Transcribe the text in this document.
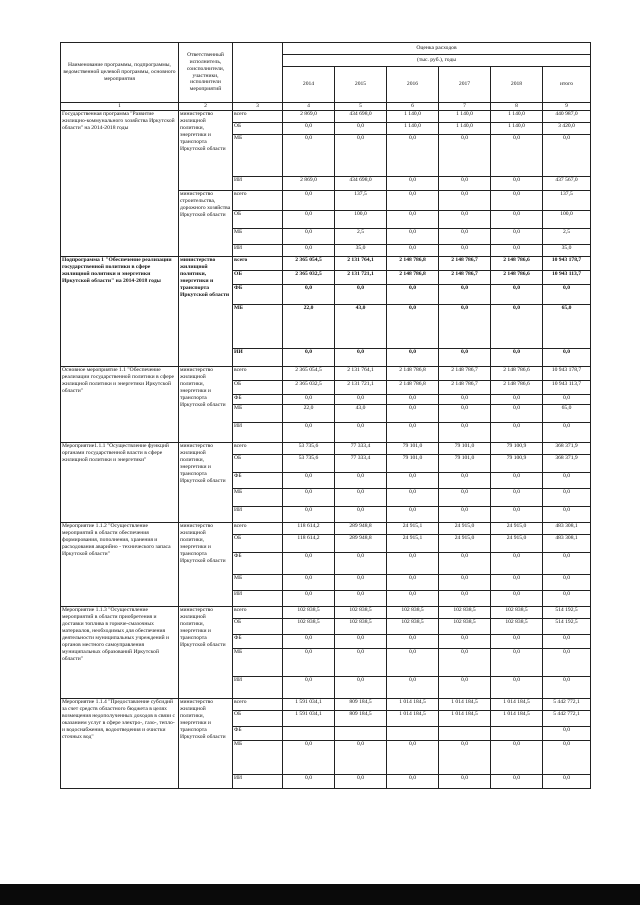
Наименование программы, подпрограммы, ведомственной целевой программы, основного мероприятия	Ответственный исполнитель, соисполнители, участники, исполнители мероприятий		Оценка расходов					
			(тыс. руб.), годы					
			2014	2015	2016	2017	2018	итого
1	2	3	4	5	6	7	8	9
Государственная программа "Развитие жилищно-коммунального хозяйства Иркутской области" на 2014-2018 годы	министерство жилищной политики, энергетики и транспорта Иркутской области	всего	2 869,0	434 698,0	1 140,0	1 140,0	1 140,0	440 987,0
		ОБ	0,0	0,0	1 140,0	1 140,0	1 140,0	3 420,0
		МБ	0,0	0,0	0,0	0,0	0,0	0,0
		ИИ	2 869,0	434 698,0	0,0	0,0	0,0	437 567,0
	министерство строительства, дорожного хозяйства Иркутской области	всего	0,0	137,5	0,0	0,0	0,0	137,5
		ОБ	0,0	100,0	0,0	0,0	0,0	100,0
		МБ	0,0	2,5	0,0	0,0	0,0	2,5
		ИИ	0,0	35,0	0,0	0,0	0,0	35,0
Подпрограмма 1 "Обеспечение реализации государственной политики в сфере жилищной политики и энергетики Иркутской области" на 2014-2018 годы	министерство жилищной политики, энергетики и транспорта Иркутской области	всего	2 365 054,5	2 131 764,1	2 148 786,8	2 148 786,7	2 148 786,6	10 943 178,7
		ОБ	2 365 032,5	2 131 721,1	2 148 786,8	2 148 786,7	2 148 786,6	10 943 113,7
		ФБ	0,0	0,0	0,0	0,0	0,0	0,0
		МБ	22,0	43,0	0,0	0,0	0,0	65,0
		ИИ	0,0	0,0	0,0	0,0	0,0	0,0
Основное мероприятие 1.1 "Обеспечение реализации государственной политики в сфере жилищной политики и энергетики Иркутской области"	министерство жилищной политики, энергетики и транспорта Иркутской области	всего	2 365 054,5	2 131 764,1	2 148 786,8	2 148 786,7	2 148 786,6	10 943 178,7
		ОБ	2 365 032,5	2 131 721,1	2 148 786,8	2 148 786,7	2 148 786,6	10 943 113,7
		ФБ	0,0	0,0	0,0	0,0	0,0	0,0
		МБ	22,0	43,0	0,0	0,0	0,0	65,0
		ИИ	0,0	0,0	0,0	0,0	0,0	0,0
Мероприятие1.1.1 "Осуществление функций органами государственной власти в сфере жилищной политики и энергетики"	министерство жилищной политики, энергетики и транспорта Иркутской области	всего	53 735,6	77 333,4	79 101,0	79 101,0	79 100,9	368 371,9
		ОБ	53 735,6	77 333,4	79 101,0	79 101,0	79 100,9	368 371,9
		ФБ	0,0	0,0	0,0	0,0	0,0	0,0
		МБ	0,0	0,0	0,0	0,0	0,0	0,0
		ИИ	0,0	0,0	0,0	0,0	0,0	0,0
Мероприятие 1.1.2 "Осуществление мероприятий в области обеспечения формирования, пополнения, хранения и расходования аварийно - технического запаса Иркутской области"	министерство жилищной политики, энергетики и транспорта Иркутской области	всего	118 614,2	289 948,8	24 915,1	24 915,0	24 915,0	483 308,1
		ОБ	118 614,2	289 948,8	24 915,1	24 915,0	24 915,0	483 308,1
		ФБ	0,0	0,0	0,0	0,0	0,0	0,0
		МБ	0,0	0,0	0,0	0,0	0,0	0,0
		ИИ	0,0	0,0	0,0	0,0	0,0	0,0
Мероприятие 1.1.3 "Осуществление мероприятий в области приобретения и доставки топлива в горюче-смазочных материалов, необходимых для обеспечения деятельности муниципальных учреждений и органов местного самоуправления муниципальных образований Иркутской области"	министерство жилищной политики, энергетики и транспорта Иркутской области	всего	102 838,5	102 838,5	102 838,5	102 838,5	102 838,5	514 192,5
		ОБ	102 838,5	102 838,5	102 838,5	102 838,5	102 838,5	514 192,5
		ФБ	0,0	0,0	0,0	0,0	0,0	0,0
		МБ	0,0	0,0	0,0	0,0	0,0	0,0
		ИИ	0,0	0,0	0,0	0,0	0,0	0,0
Мероприятие 1.1.4 "Предоставление субсидий за счет средств областного бюджета в целях возмещения недополученных доходов в связи с оказанием услуг в сфере электро-, газо-, тепло- и водоснабжения, водоотведения и очистки сточных вод"	министерство жилищной политики, энергетики и транспорта Иркутской области	всего	1 591 034,1	809 184,5	1 014 184,5	1 014 184,5	1 014 184,5	5 442 772,1
		ОБ	1 591 034,1	809 184,5	1 014 184,5	1 014 184,5	1 014 184,5	5 442 772,1
		ФБ						0,0
		МБ	0,0	0,0	0,0	0,0	0,0	0,0
		ИИ	0,0	0,0	0,0	0,0	0,0	0,0
